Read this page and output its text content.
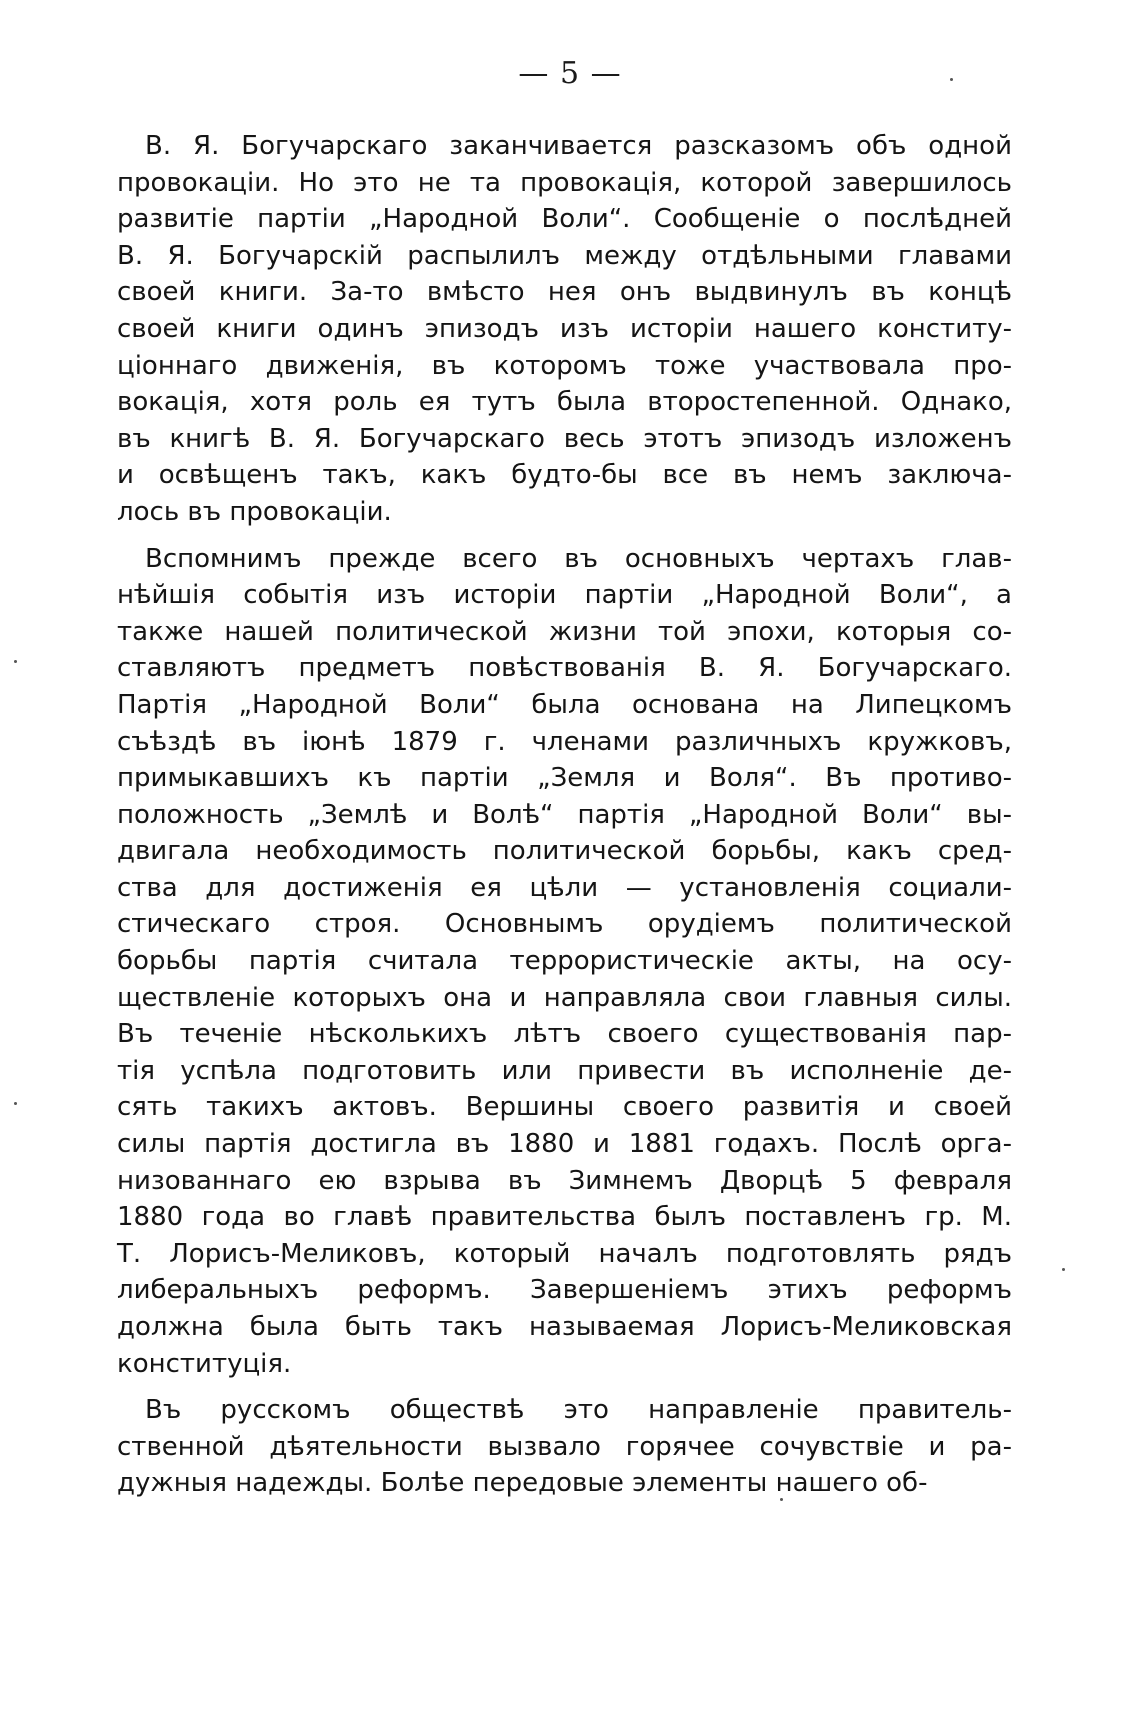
— 5 —
В. Я. Богучарскаго заканчивается разсказомъ объ одной
провокаціи. Но это не та провокація, которой завершилось
развитіе партіи „Народной Воли“. Сообщеніе о послѣдней
В. Я. Богучарскій распылилъ между отдѣльными главами
своей книги. За-то вмѣсто нея онъ выдвинулъ въ концѣ
своей книги одинъ эпизодъ изъ исторіи нашего конститу-
ціоннаго движенія, въ которомъ тоже участвовала про-
вокація, хотя роль ея тутъ была второстепенной. Однако,
въ книгѣ В. Я. Богучарскаго весь этотъ эпизодъ изложенъ
и освѣщенъ такъ, какъ будто-бы все въ немъ заключа-
лось въ провокаціи.
Вспомнимъ прежде всего въ основныхъ чертахъ глав-
нѣйшія событія изъ исторіи партіи „Народной Воли“, а
также нашей политической жизни той эпохи, которыя со-
ставляютъ предметъ повѣствованія В. Я. Богучарскаго.
Партія „Народной Воли“ была основана на Липецкомъ
съѣздѣ въ іюнѣ 1879 г. членами различныхъ кружковъ,
примыкавшихъ къ партіи „Земля и Воля“. Въ противо-
положность „Землѣ и Волѣ“ партія „Народной Воли“ вы-
двигала необходимость политической борьбы, какъ сред-
ства для достиженія ея цѣли — установленія социали-
стическаго строя. Основнымъ орудіемъ политической
борьбы партія считала террористическіе акты, на осу-
ществленіе которыхъ она и направляла свои главныя силы.
Въ теченіе нѣсколькихъ лѣтъ своего существованія пар-
тія успѣла подготовить или привести въ исполненіе де-
сять такихъ актовъ. Вершины своего развитія и своей
силы партія достигла въ 1880 и 1881 годахъ. Послѣ орга-
низованнаго ею взрыва въ Зимнемъ Дворцѣ 5 февраля
1880 года во главѣ правительства былъ поставленъ гр. М.
Т. Лорисъ-Меликовъ, который началъ подготовлять рядъ
либеральныхъ реформъ. Завершеніемъ этихъ реформъ
должна была быть такъ называемая Лорисъ-Меликовская
конституція.
Въ русскомъ обществѣ это направленіе правитель-
ственной дѣятельности вызвало горячее сочувствіе и ра-
дужныя надежды. Болѣе передовые элементы нашего об-
